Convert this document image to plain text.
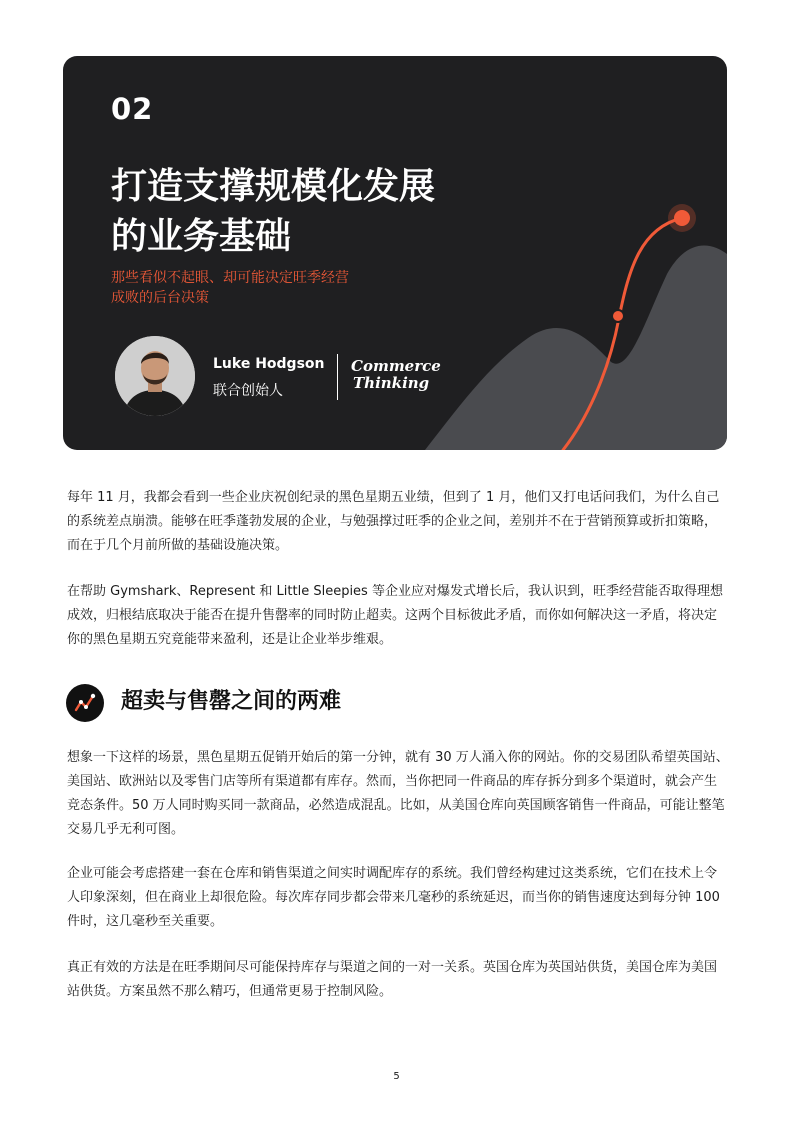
02
打造支撑规模化发展
的业务基础
那些看似不起眼、却可能决定旺季经营
成败的后台决策
Luke Hodgson
联合创始人
Commerce
Thinking

每年 11 月，我都会看到一些企业庆祝创纪录的黑色星期五业绩，但到了 1 月，他们又打电话问我们，为什么自己的系统差点崩溃。能够在旺季蓬勃发展的企业，与勉强撑过旺季的企业之间，差别并不在于营销预算或折扣策略，而在于几个月前所做的基础设施决策。

在帮助 Gymshark、Represent 和 Little Sleepies 等企业应对爆发式增长后，我认识到，旺季经营能否取得理想成效，归根结底取决于能否在提升售罄率的同时防止超卖。这两个目标彼此矛盾，而你如何解决这一矛盾，将决定你的黑色星期五究竟能带来盈利，还是让企业举步维艰。

超卖与售罄之间的两难

想象一下这样的场景，黑色星期五促销开始后的第一分钟，就有 30 万人涌入你的网站。你的交易团队希望英国站、美国站、欧洲站以及零售门店等所有渠道都有库存。然而，当你把同一件商品的库存拆分到多个渠道时，就会产生竞态条件。50 万人同时购买同一款商品，必然造成混乱。比如，从美国仓库向英国顾客销售一件商品，可能让整笔交易几乎无利可图。

企业可能会考虑搭建一套在仓库和销售渠道之间实时调配库存的系统。我们曾经构建过这类系统，它们在技术上令人印象深刻，但在商业上却很危险。每次库存同步都会带来几毫秒的系统延迟，而当你的销售速度达到每分钟 100 件时，这几毫秒至关重要。

真正有效的方法是在旺季期间尽可能保持库存与渠道之间的一对一关系。英国仓库为英国站供货，美国仓库为美国站供货。方案虽然不那么精巧，但通常更易于控制风险。

5
